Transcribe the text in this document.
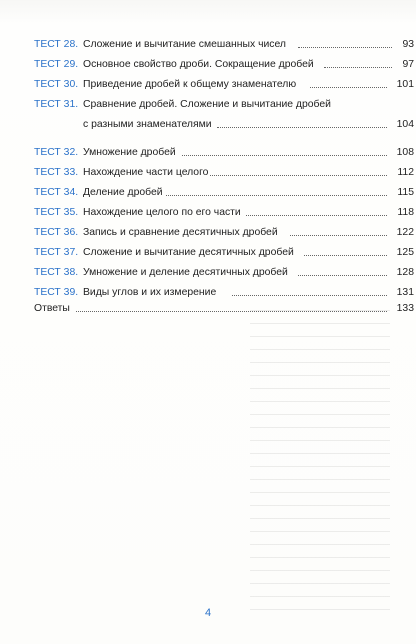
ТЕСТ 28. Сложение и вычитание смешанных чисел	93
ТЕСТ 29. Основное свойство дроби. Сокращение дробей	97
ТЕСТ 30. Приведение дробей к общему знаменателю	101
ТЕСТ 31. Сравнение дробей. Сложение и вычитание дробей
с разными знаменателями	104
ТЕСТ 32. Умножение дробей	108
ТЕСТ 33. Нахождение части целого	112
ТЕСТ 34. Деление дробей	115
ТЕСТ 35. Нахождение целого по его части	118
ТЕСТ 36. Запись и сравнение десятичных дробей	122
ТЕСТ 37. Сложение и вычитание десятичных дробей	125
ТЕСТ 38. Умножение и деление десятичных дробей	128
ТЕСТ 39. Виды углов и их измерение	131
Ответы	133
4
